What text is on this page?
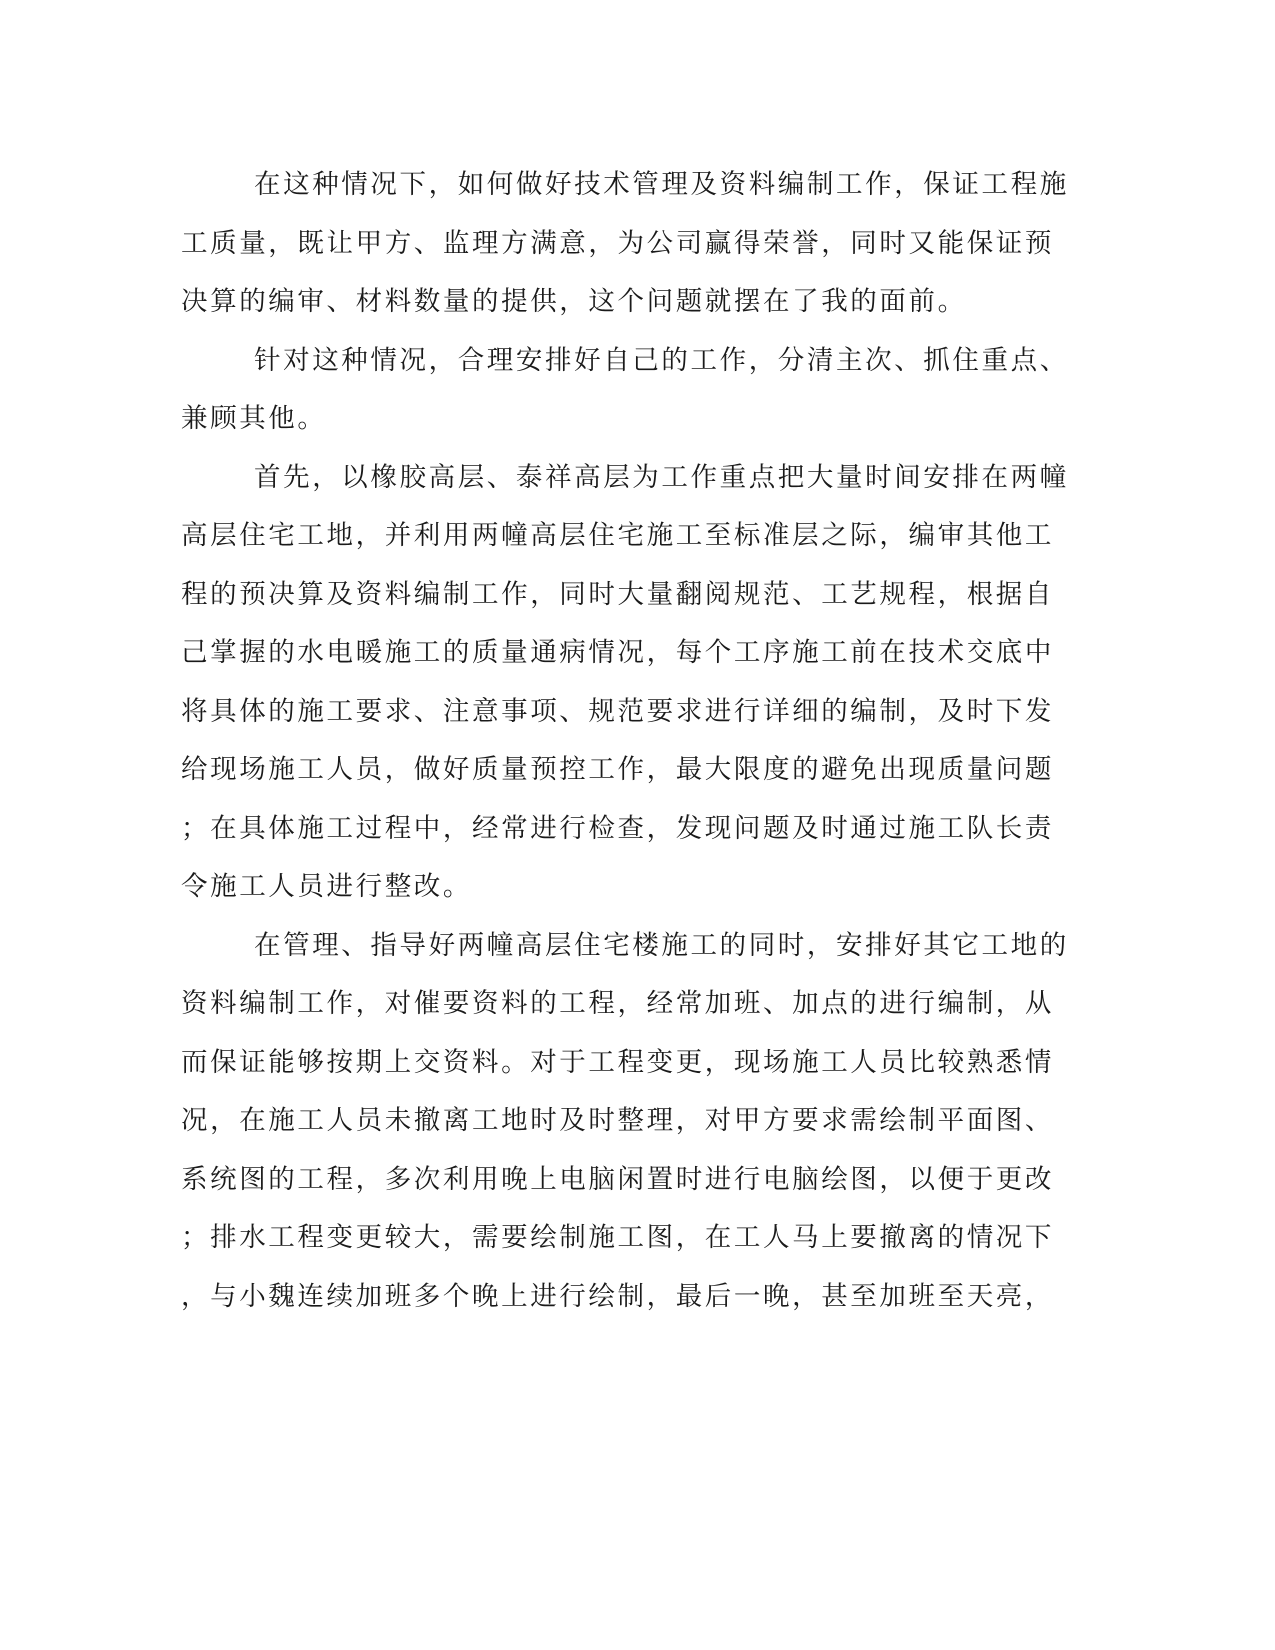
在这种情况下，如何做好技术管理及资料编制工作，保证工程施
工质量，既让甲方、监理方满意，为公司赢得荣誉，同时又能保证预
决算的编审、材料数量的提供，这个问题就摆在了我的面前。
针对这种情况，合理安排好自己的工作，分清主次、抓住重点、
兼顾其他。
首先，以橡胶高层、泰祥高层为工作重点把大量时间安排在两幢
高层住宅工地，并利用两幢高层住宅施工至标准层之际，编审其他工
程的预决算及资料编制工作，同时大量翻阅规范、工艺规程，根据自
己掌握的水电暖施工的质量通病情况，每个工序施工前在技术交底中
将具体的施工要求、注意事项、规范要求进行详细的编制，及时下发
给现场施工人员，做好质量预控工作，最大限度的避免出现质量问题
；在具体施工过程中，经常进行检查，发现问题及时通过施工队长责
令施工人员进行整改。
在管理、指导好两幢高层住宅楼施工的同时，安排好其它工地的
资料编制工作，对催要资料的工程，经常加班、加点的进行编制，从
而保证能够按期上交资料。对于工程变更，现场施工人员比较熟悉情
况，在施工人员未撤离工地时及时整理，对甲方要求需绘制平面图、
系统图的工程，多次利用晚上电脑闲置时进行电脑绘图，以便于更改
；排水工程变更较大，需要绘制施工图，在工人马上要撤离的情况下
，与小魏连续加班多个晚上进行绘制，最后一晚，甚至加班至天亮，
